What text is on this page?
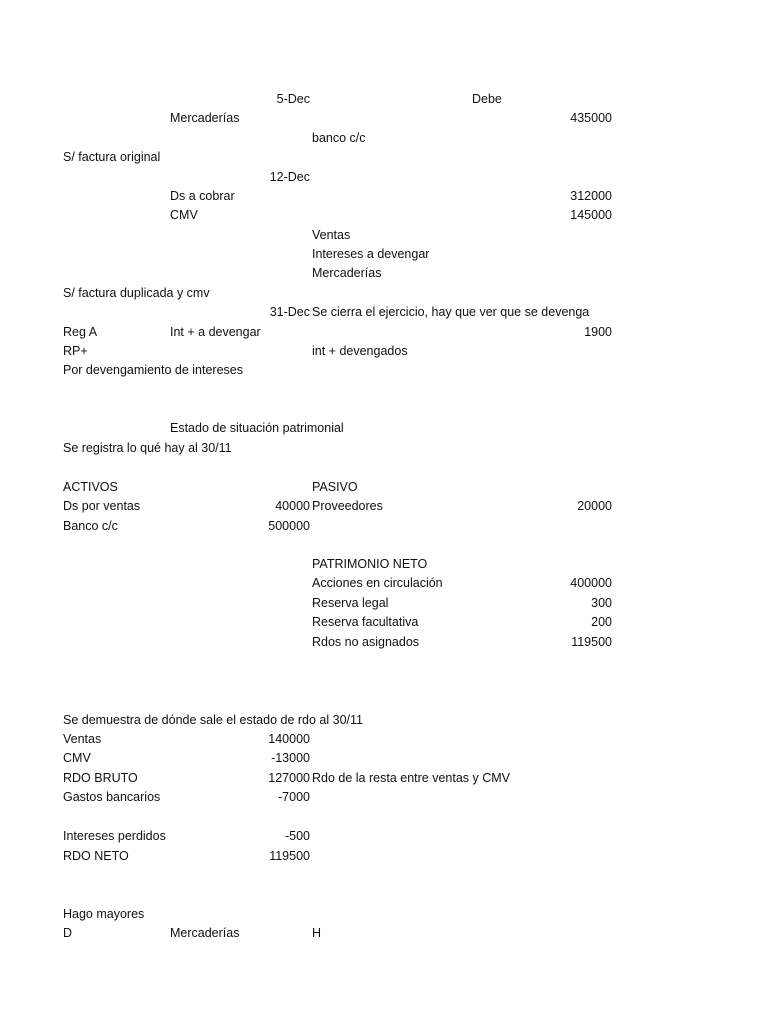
5-Dec	Debe
Mercaderías	435000
banco c/c
S/ factura original
12-Dec
Ds a cobrar	312000
CMV	145000
Ventas
Intereses a devengar
Mercaderías
S/ factura duplicada y cmv
31-Dec Se cierra el ejercicio, hay que ver que se devenga
Reg A	Int + a devengar	1900
RP+	int + devengados
Por devengamiento de intereses
Estado de situación patrimonial
Se registra lo qué hay al 30/11
ACTIVOS	PASIVO
Ds por ventas	40000 Proveedores	20000
Banco c/c	500000
PATRIMONIO NETO
Acciones en circulación	400000
Reserva legal	300
Reserva facultativa	200
Rdos no asignados	119500
Se demuestra de dónde sale el estado de rdo al 30/11
Ventas	140000
CMV	-13000
RDO BRUTO	127000 Rdo de la resta entre ventas y CMV
Gastos bancarios	-7000
Intereses perdidos	-500
RDO NETO	119500
Hago mayores
D	Mercaderías	H
